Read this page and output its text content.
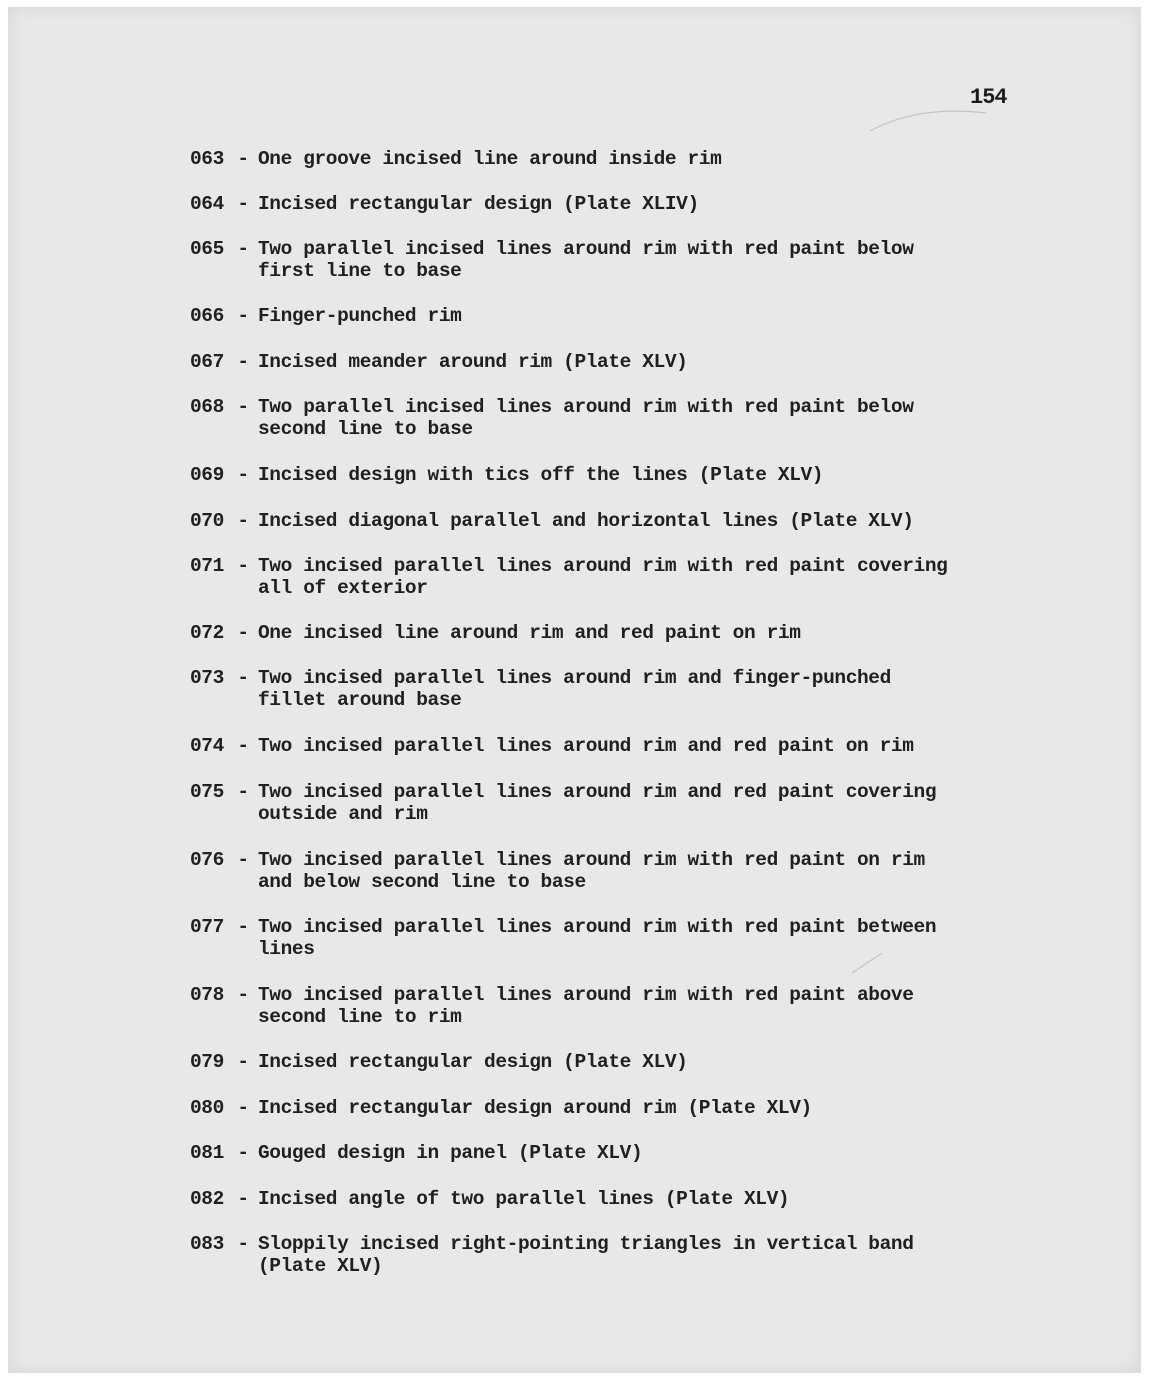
154
063 - One groove incised line around inside rim
064 - Incised rectangular design (Plate XLIV)
065 - Two parallel incised lines around rim with red paint below
first line to base
066 - Finger-punched rim
067 - Incised meander around rim (Plate XLV)
068 - Two parallel incised lines around rim with red paint below
second line to base
069 - Incised design with tics off the lines (Plate XLV)
070 - Incised diagonal parallel and horizontal lines (Plate XLV)
071 - Two incised parallel lines around rim with red paint covering
all of exterior
072 - One incised line around rim and red paint on rim
073 - Two incised parallel lines around rim and finger-punched
fillet around base
074 - Two incised parallel lines around rim and red paint on rim
075 - Two incised parallel lines around rim and red paint covering
outside and rim
076 - Two incised parallel lines around rim with red paint on rim
and below second line to base
077 - Two incised parallel lines around rim with red paint between
lines
078 - Two incised parallel lines around rim with red paint above
second line to rim
079 - Incised rectangular design (Plate XLV)
080 - Incised rectangular design around rim (Plate XLV)
081 - Gouged design in panel (Plate XLV)
082 - Incised angle of two parallel lines (Plate XLV)
083 - Sloppily incised right-pointing triangles in vertical band
(Plate XLV)
